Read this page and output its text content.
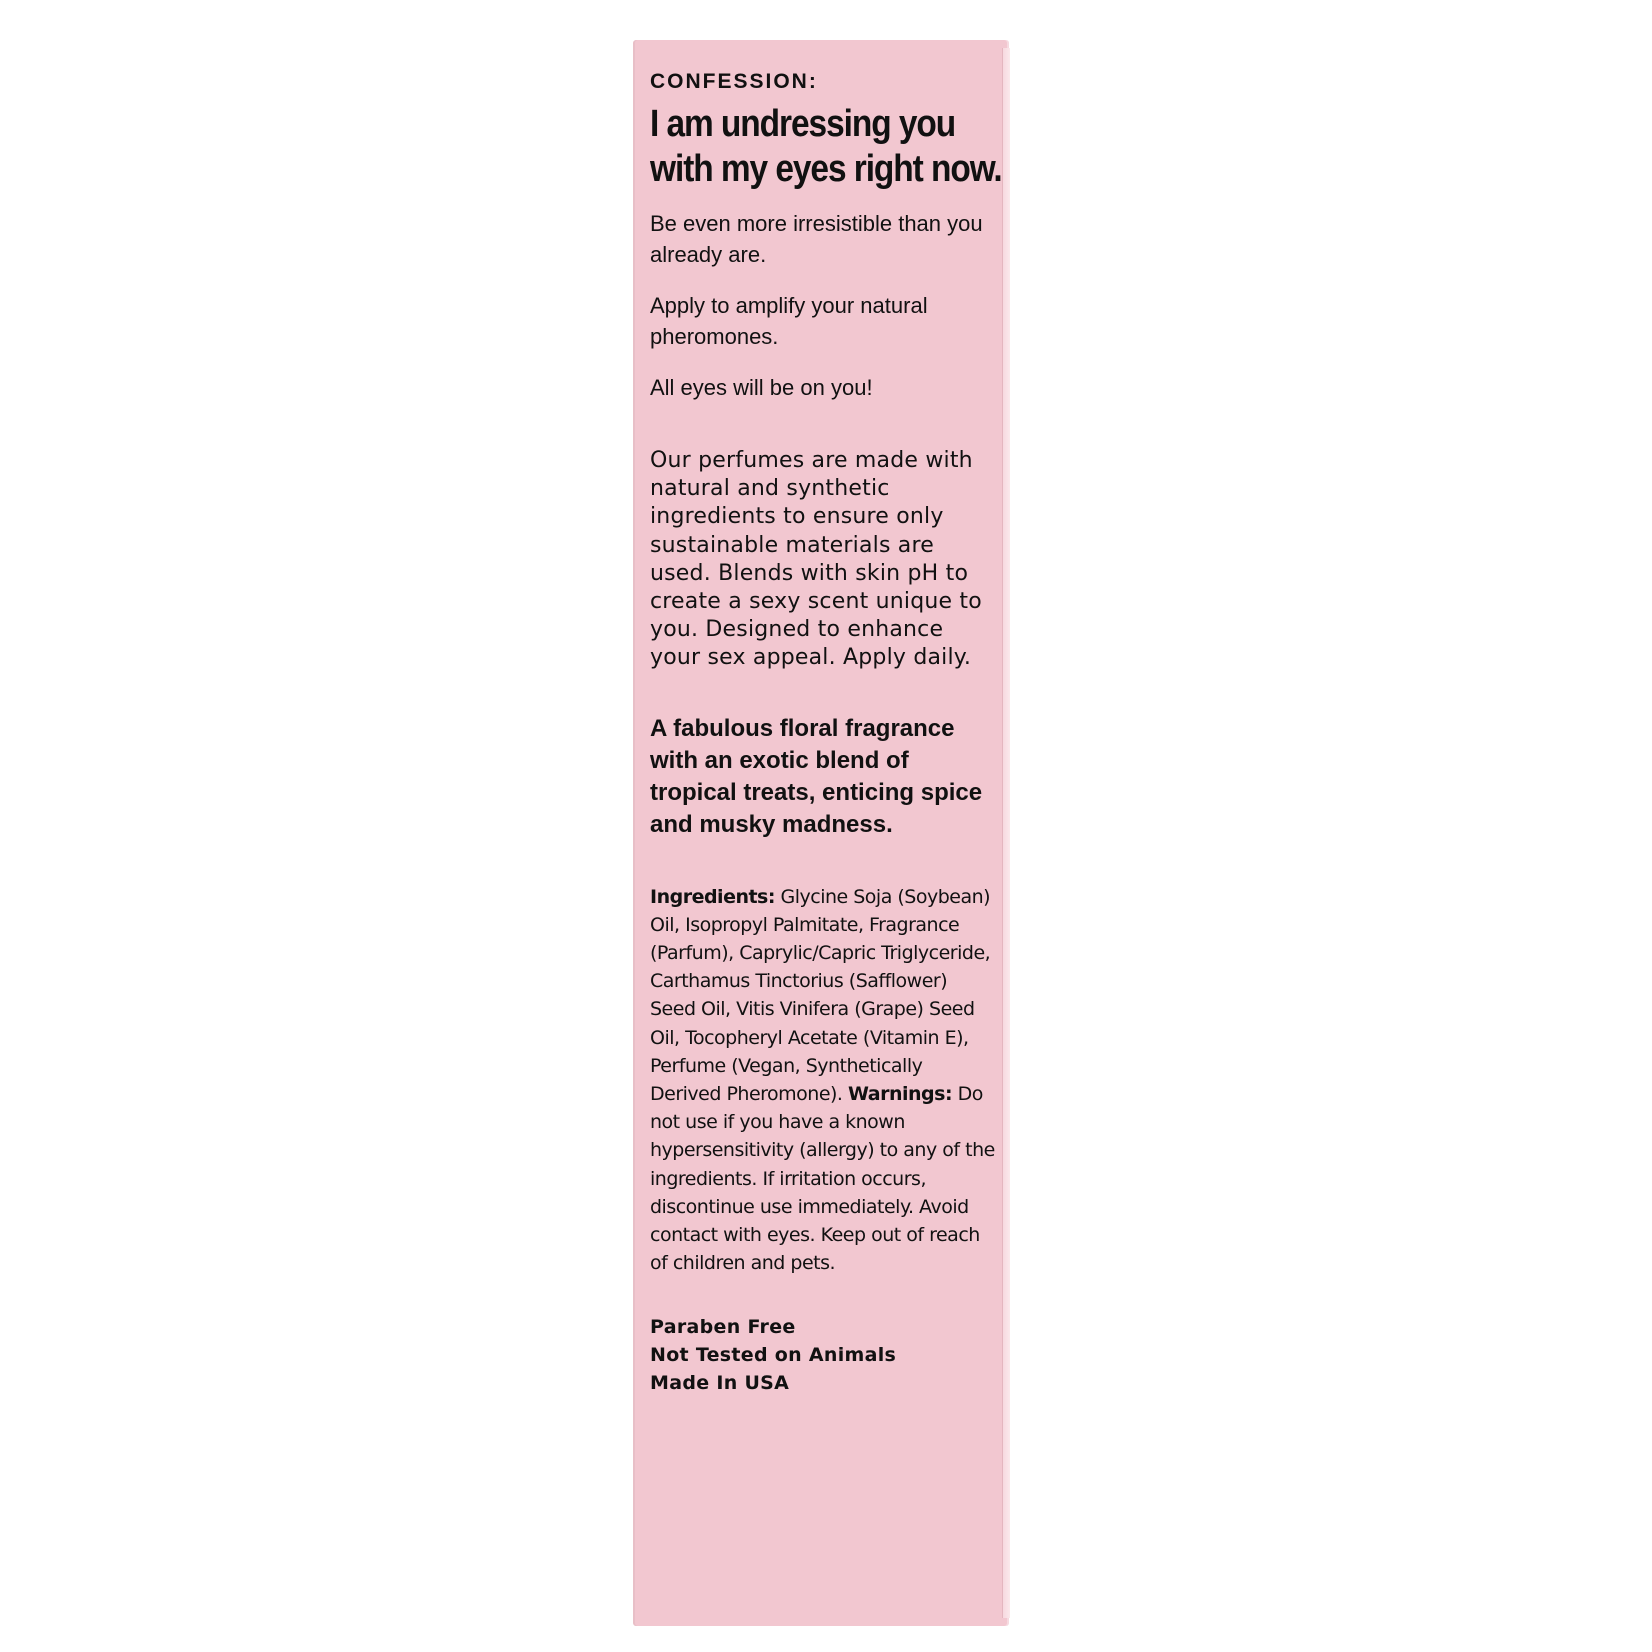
CONFESSION:
I am undressing you with my eyes right now.

Be even more irresistible than you already are.

Apply to amplify your natural pheromones.

All eyes will be on you!

Our perfumes are made with natural and synthetic ingredients to ensure only sustainable materials are used. Blends with skin pH to create a sexy scent unique to you. Designed to enhance your sex appeal. Apply daily.
A fabulous floral fragrance with an exotic blend of tropical treats, enticing spice and musky madness.
Ingredients: Glycine Soja (Soybean) Oil, Isopropyl Palmitate, Fragrance (Parfum), Caprylic/Capric Triglyceride, Carthamus Tinctorius (Safflower) Seed Oil, Vitis Vinifera (Grape) Seed Oil, Tocopheryl Acetate (Vitamin E), Perfume (Vegan, Synthetically Derived Pheromone). Warnings: Do not use if you have a known hypersensitivity (allergy) to any of the ingredients. If irritation occurs, discontinue use immediately. Avoid contact with eyes. Keep out of reach of children and pets.
Paraben Free
Not Tested on Animals
Made In USA
